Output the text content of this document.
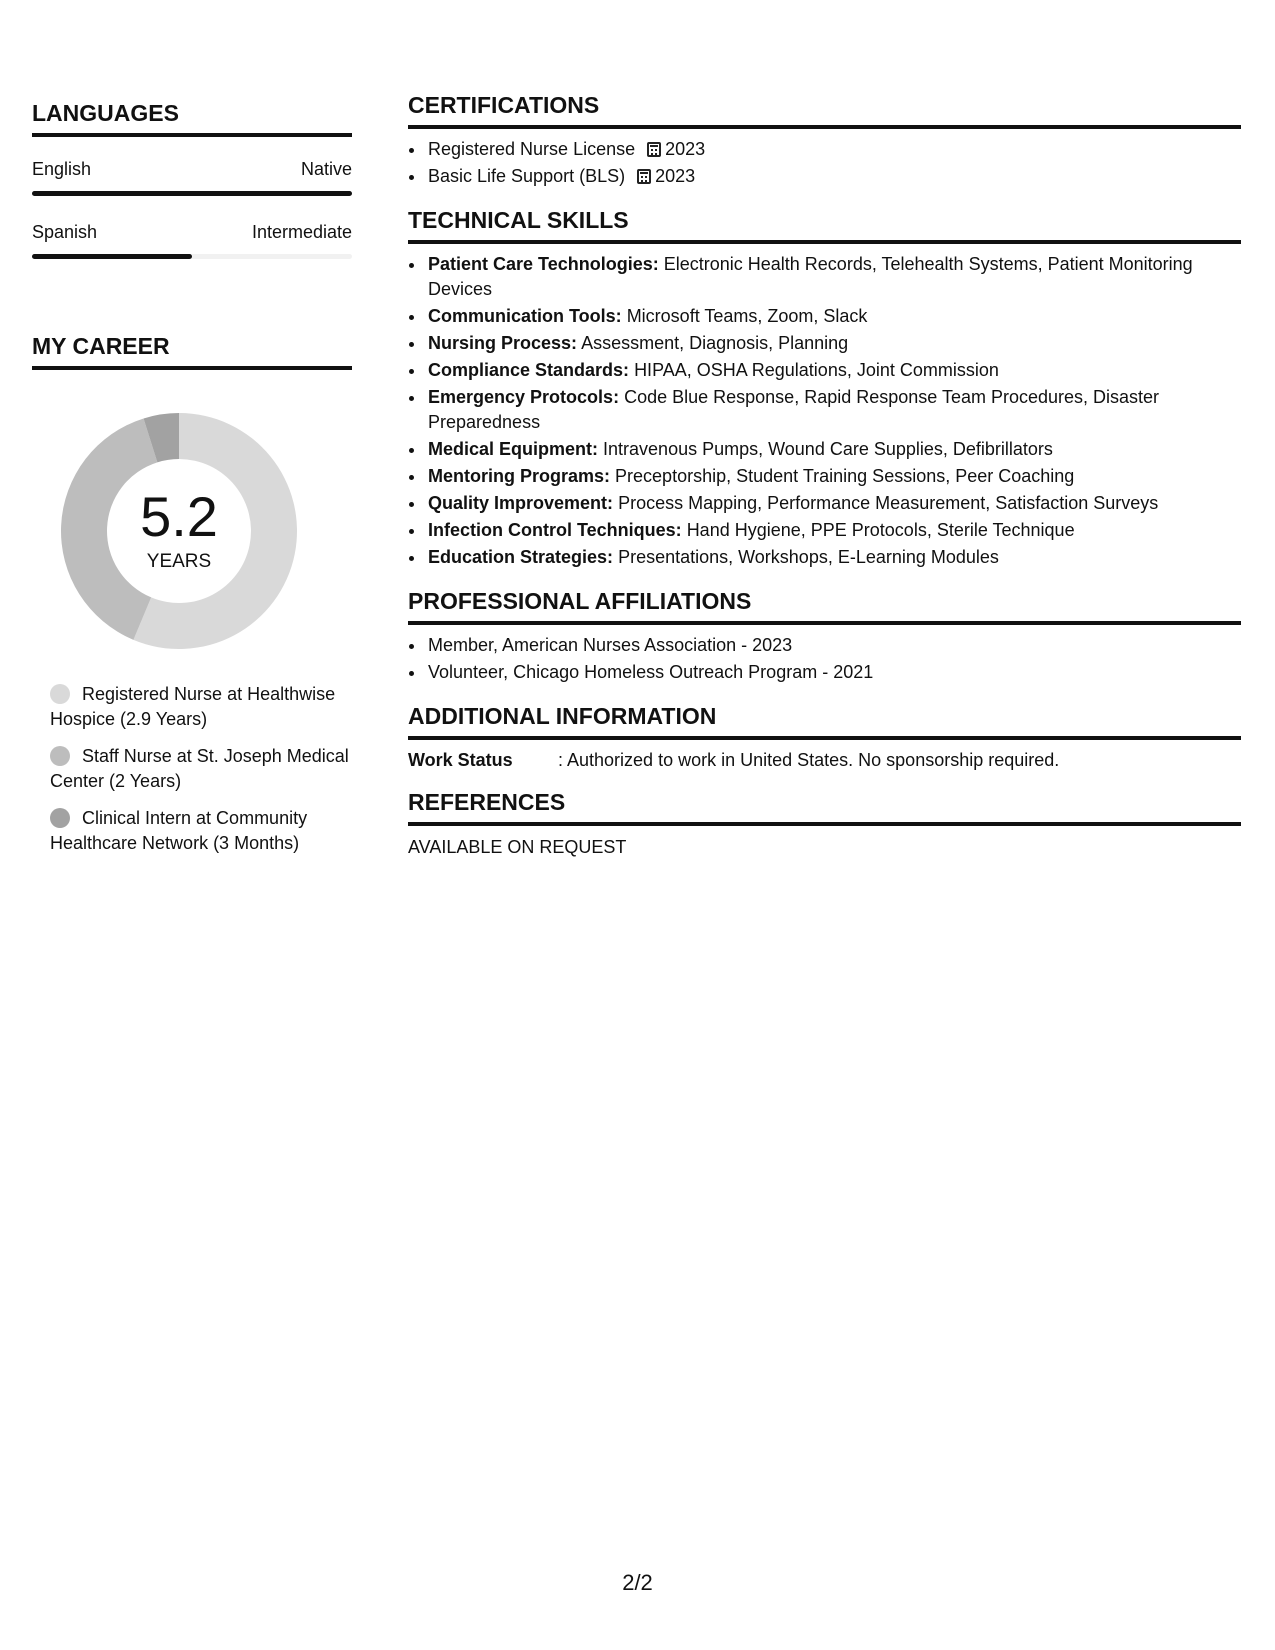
LANGUAGES
English	Native
Spanish	Intermediate
MY CAREER
5.2
YEARS
Registered Nurse at Healthwise Hospice (2.9 Years)
Staff Nurse at St. Joseph Medical Center (2 Years)
Clinical Intern at Community Healthcare Network (3 Months)
CERTIFICATIONS
• Registered Nurse License 2023
• Basic Life Support (BLS) 2023
TECHNICAL SKILLS
• Patient Care Technologies: Electronic Health Records, Telehealth Systems, Patient Monitoring Devices
• Communication Tools: Microsoft Teams, Zoom, Slack
• Nursing Process: Assessment, Diagnosis, Planning
• Compliance Standards: HIPAA, OSHA Regulations, Joint Commission
• Emergency Protocols: Code Blue Response, Rapid Response Team Procedures, Disaster Preparedness
• Medical Equipment: Intravenous Pumps, Wound Care Supplies, Defibrillators
• Mentoring Programs: Preceptorship, Student Training Sessions, Peer Coaching
• Quality Improvement: Process Mapping, Performance Measurement, Satisfaction Surveys
• Infection Control Techniques: Hand Hygiene, PPE Protocols, Sterile Technique
• Education Strategies: Presentations, Workshops, E-Learning Modules
PROFESSIONAL AFFILIATIONS
• Member, American Nurses Association - 2023
• Volunteer, Chicago Homeless Outreach Program - 2021
ADDITIONAL INFORMATION
Work Status	: Authorized to work in United States. No sponsorship required.
REFERENCES
AVAILABLE ON REQUEST
2/2
